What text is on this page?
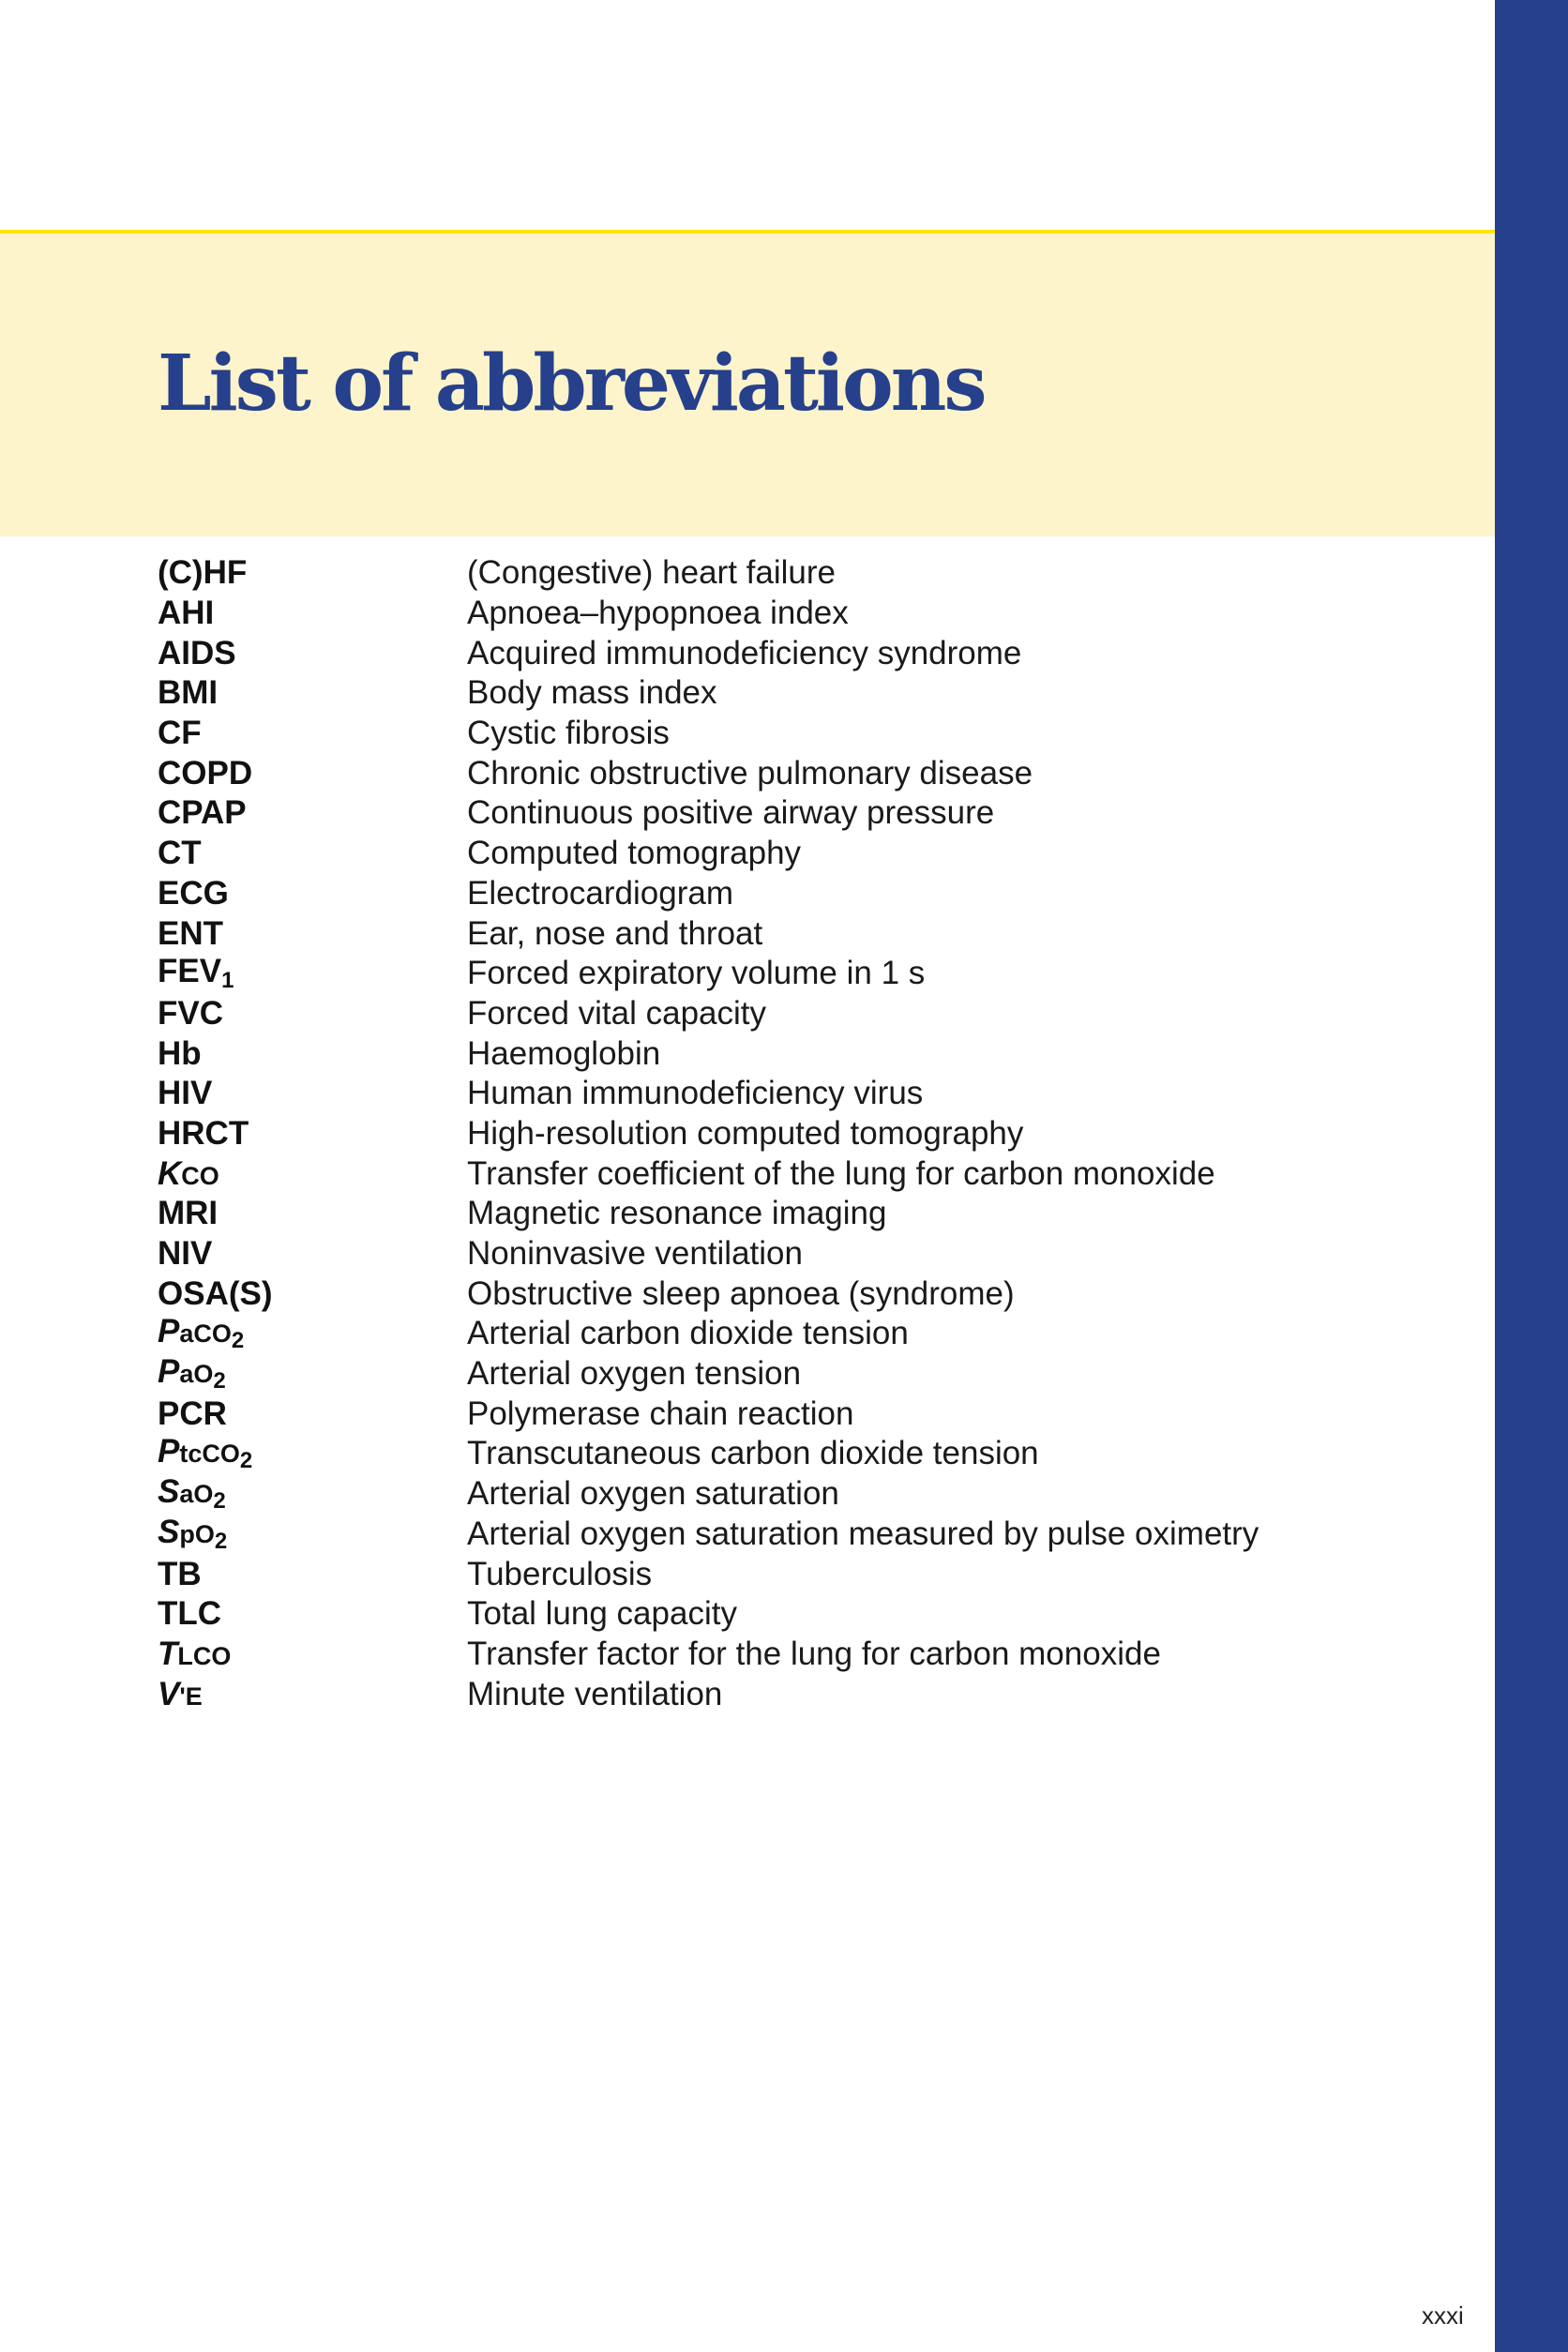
List of abbreviations
(C)HF	(Congestive) heart failure
AHI	Apnoea–hypopnoea index
AIDS	Acquired immunodeficiency syndrome
BMI	Body mass index
CF	Cystic fibrosis
COPD	Chronic obstructive pulmonary disease
CPAP	Continuous positive airway pressure
CT	Computed tomography
ECG	Electrocardiogram
ENT	Ear, nose and throat
$FEV_1$	Forced expiratory volume in 1 s
FVC	Forced vital capacity
Hb	Haemoglobin
HIV	Human immunodeficiency virus
HRCT	High-resolution computed tomography
KCO	Transfer coefficient of the lung for carbon monoxide
MRI	Magnetic resonance imaging
NIV	Noninvasive ventilation
OSA(S)	Obstructive sleep apnoea (syndrome)
PaCO$_2$	Arterial carbon dioxide tension
PaO$_2$	Arterial oxygen tension
PCR	Polymerase chain reaction
PtcCO$_2$	Transcutaneous carbon dioxide tension
SaO$_2$	Arterial oxygen saturation
SpO$_2$	Arterial oxygen saturation measured by pulse oximetry
TB	Tuberculosis
TLC	Total lung capacity
TLCO	Transfer factor for the lung for carbon monoxide
V'E	Minute ventilation
xxxi
